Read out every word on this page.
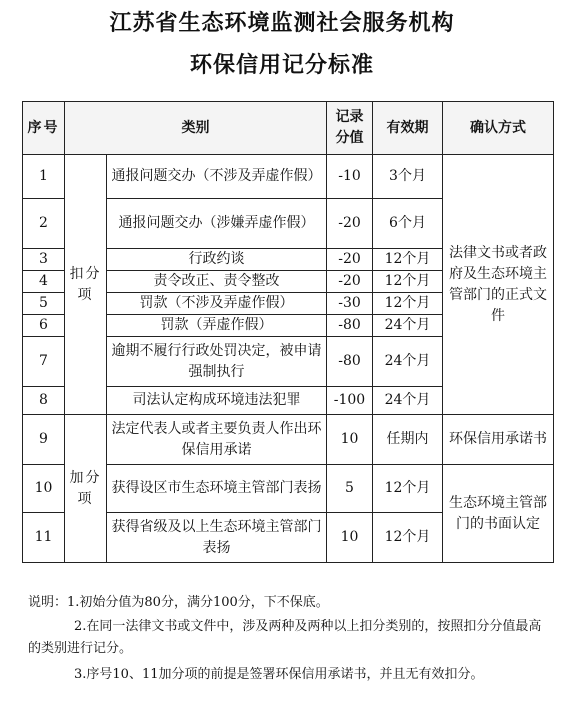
江苏省生态环境监测社会服务机构
环保信用记分标准
序号	类别		记录分值	有效期	确认方式
1	扣分项	通报问题交办（不涉及弄虚作假）	-10	3个月	法律文书或者政府及生态环境主管部门的正式文件
2		通报问题交办（涉嫌弄虚作假）	-20	6个月	
3		行政约谈	-20	12个月	
4		责令改正、责令整改	-20	12个月	
5		罚款（不涉及弄虚作假）	-30	12个月	
6		罚款（弄虚作假）	-80	24个月	
7		逾期不履行行政处罚决定，被申请强制执行	-80	24个月	
8		司法认定构成环境违法犯罪	-100	24个月	
9	加分项	法定代表人或者主要负责人作出环保信用承诺	10	任期内	环保信用承诺书
10		获得设区市生态环境主管部门表扬	5	12个月	生态环境主管部门的书面认定
11		获得省级及以上生态环境主管部门表扬	10	12个月	
说明：1.初始分值为80分，满分100分，下不保底。
2.在同一法律文书或文件中，涉及两种及两种以上扣分类别的，按照扣分分值最高的类别进行记分。
3.序号10、11加分项的前提是签署环保信用承诺书，并且无有效扣分。
